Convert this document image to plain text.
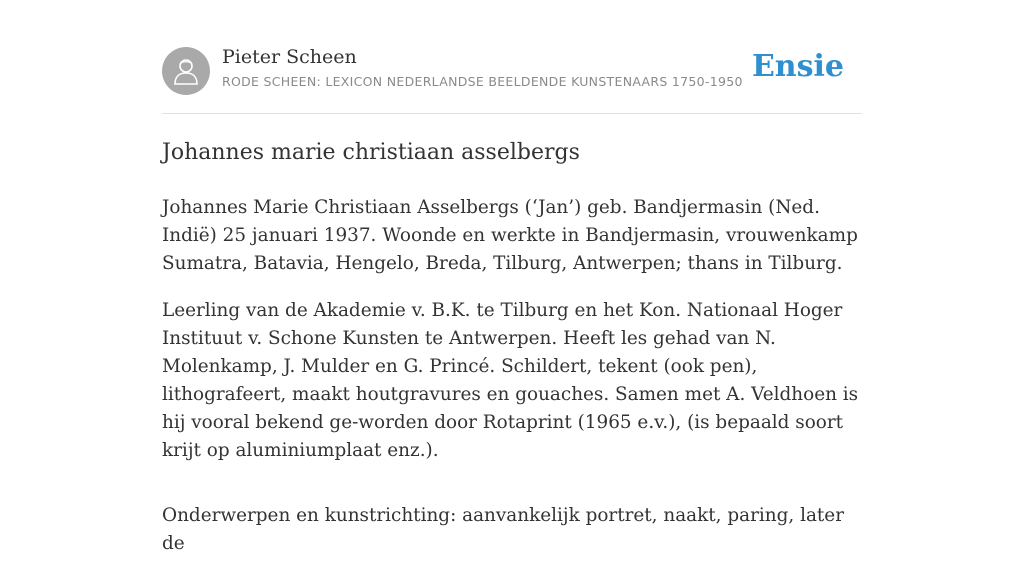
Pieter Scheen
RODE SCHEEN: LEXICON NEDERLANDSE BEELDENDE KUNSTENAARS 1750-1950 Ensie
Johannes marie christiaan asselbergs

Johannes Marie Christiaan Asselbergs (‘Jan’) geb. Bandjermasin (Ned. Indië) 25 januari 1937. Woonde en werkte in Bandjermasin, vrouwenkamp Sumatra, Batavia, Hengelo, Breda, Tilburg, Antwerpen; thans in Tilburg.

Leerling van de Akademie v. B.K. te Tilburg en het Kon. Nationaal Hoger Instituut v. Schone Kunsten te Antwerpen. Heeft les gehad van N. Molenkamp, J. Mulder en G. Princé. Schildert, tekent (ook pen), lithografeert, maakt houtgravures en gouaches. Samen met A. Veldhoen is hij vooral bekend ge-worden door Rotaprint (1965 e.v.), (is bepaald soort krijt op aluminiumplaat enz.).

Onderwerpen en kunstrichting: aanvankelijk portret, naakt, paring, later de
